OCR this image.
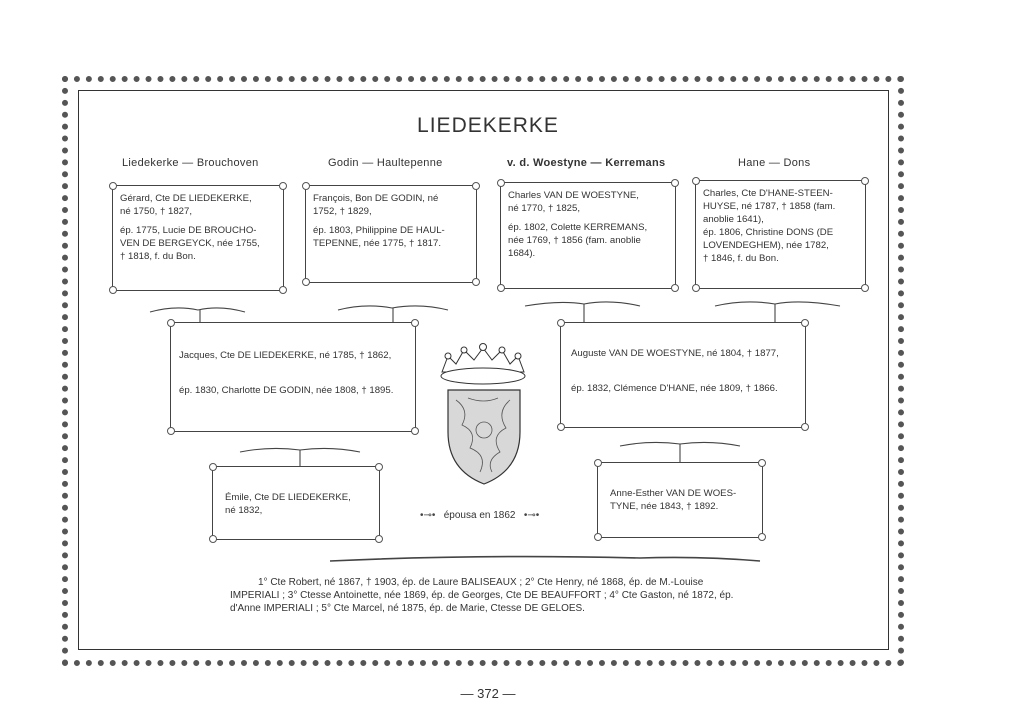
LIEDEKERKE
Liedekerke — Brouchoven	Godin — Haultepenne	v. d. Woestyne — Kerremans	Hane — Dons
Gérard, Cte DE LIEDEKERKE,
né 1750, † 1827,
ép. 1775, Lucie DE BROUCHO-
VEN DE BERGEYCK, née 1755,
† 1818, f. du Bon.
François, Bon DE GODIN, né
1752, † 1829,
ép. 1803, Philippine DE HAUL-
TEPENNE, née 1775, † 1817.
Charles VAN DE WOESTYNE,
né 1770, † 1825,
ép. 1802, Colette KERREMANS,
née 1769, † 1856 (fam. anoblie
1684).
Charles, Cte D'HANE-STEEN-
HUYSE, né 1787, † 1858 (fam.
anoblie 1641),
ép. 1806, Christine DONS (DE
LOVENDEGHEM), née 1782,
† 1846, f. du Bon.
Jacques, Cte DE LIEDEKERKE, né 1785, † 1862,
ép. 1830, Charlotte DE GODIN, née 1808, † 1895.
Auguste VAN DE WOESTYNE, né 1804, † 1877,
ép. 1832, Clémence D'HANE, née 1809, † 1866.
Émile, Cte DE LIEDEKERKE,
né 1832,
Anne-Esther VAN DE WOES-
TYNE, née 1843, † 1892.
•⊸• épousa en 1862 •⊸•
1° Cte Robert, né 1867, † 1903, ép. de Laure BALISEAUX ; 2° Cte Henry, né 1868, ép. de M.-Louise IMPERIALI ; 3° Ctesse Antoinette, née 1869, ép. de Georges, Cte DE BEAUFFORT ; 4° Cte Gaston, né 1872, ép. d'Anne IMPERIALI ; 5° Cte Marcel, né 1875, ép. de Marie, Ctesse DE GELOES.
— 372 —
